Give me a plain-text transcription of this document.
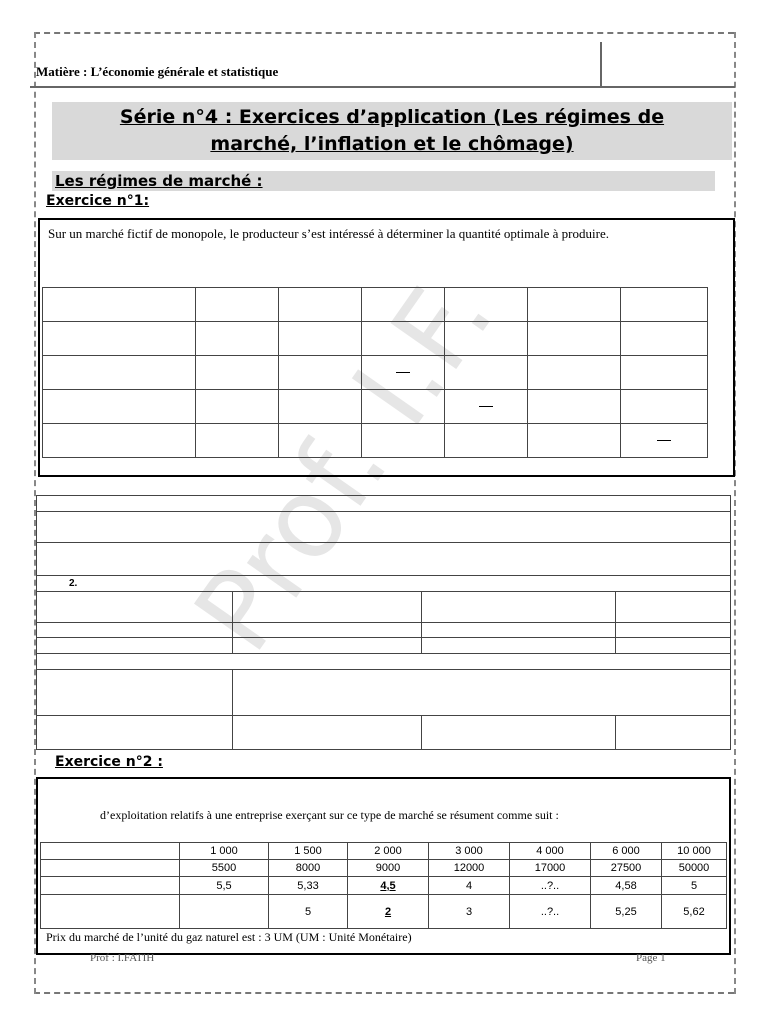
Prof. I.F.
Matière : L’économie générale et statistique
Série n°4 : Exercices d’application (Les régimes de
marché, l’inflation et le chômage)
Les régimes de marché :
Exercice n°1:
Sur un marché fictif de monopole, le producteur s’est intéressé à déterminer la quantité optimale à produire.

2.			

Exercice n°2 :
d’exploitation relatifs à une entreprise exerçant sur ce type de marché se résument comme suit :
	1 000	1 500	2 000	3 000	4 000	6 000	10 000
	5500	8000	9000	12000	17000	27500	50000
	5,5	5,33	4,5	4	..?..	4,58	5
		5	2	3	..?..	5,25	5,62
Prix du marché de l’unité du gaz naturel est : 3 UM (UM : Unité Monétaire)
Prof : I.FATIH	Page 1
